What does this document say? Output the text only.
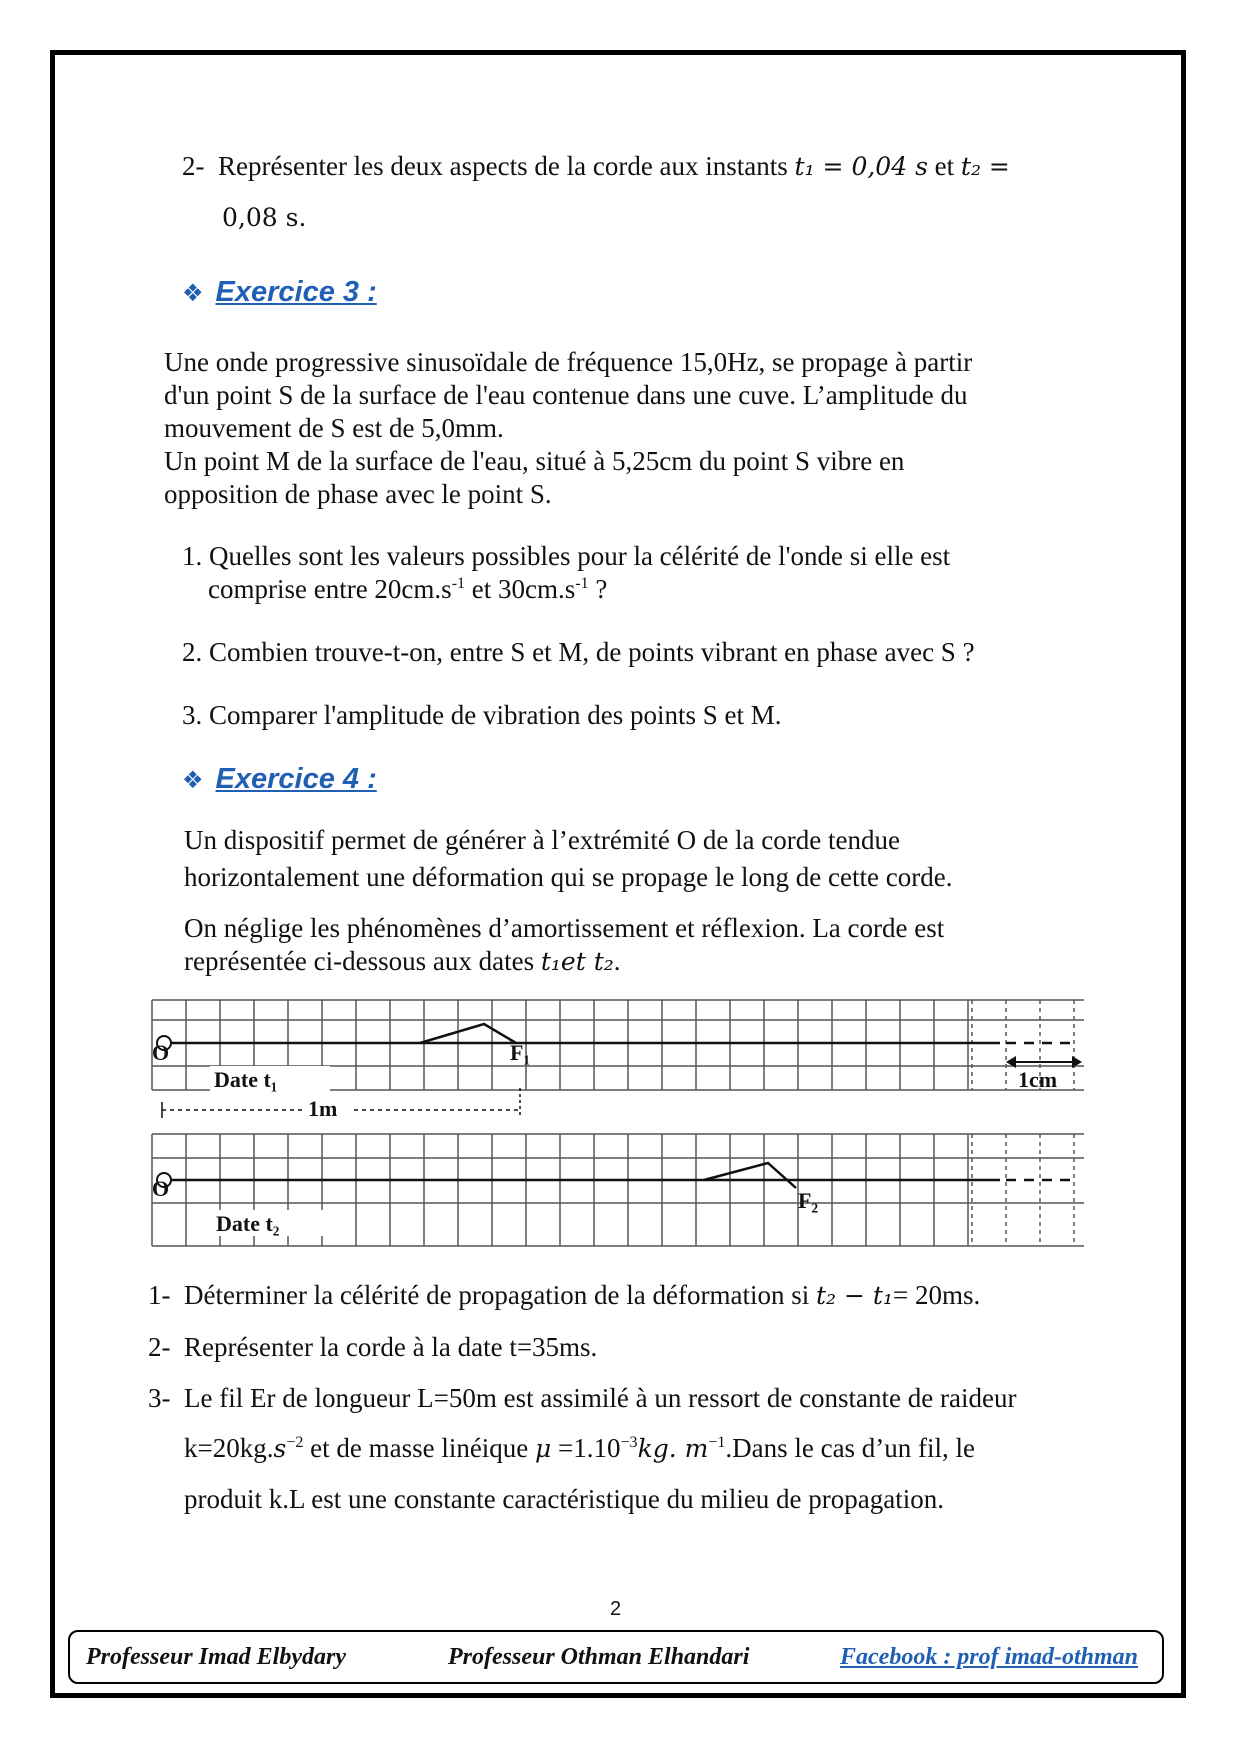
2- Représenter les deux aspects de la corde aux instants t₁ = 0,04 s et t₂ =
0,08 s.
❖ Exercice 3 :
Une onde progressive sinusoïdale de fréquence 15,0Hz, se propage à partir
d'un point S de la surface de l'eau contenue dans une cuve. L’amplitude du
mouvement de S est de 5,0mm.
Un point M de la surface de l'eau, situé à 5,25cm du point S vibre en
opposition de phase avec le point S.
1. Quelles sont les valeurs possibles pour la célérité de l'onde si elle est
comprise entre $20cm.s^{-1}$ et $30cm.s^{-1}$ ?
2. Combien trouve-t-on, entre S et M, de points vibrant en phase avec S ?
3. Comparer l'amplitude de vibration des points S et M.
❖ Exercice 4 :
Un dispositif permet de générer à l’extrémité O de la corde tendue
horizontalement une déformation qui se propage le long de cette corde.
On néglige les phénomènes d’amortissement et réflexion. La corde est
représentée ci-dessous aux dates t₁et t₂.
O	F₁
Date t₁	1cm
1m
O	F₂
Date t₂
1- Déterminer la célérité de propagation de la déformation si t₂ − t₁= 20ms.
2- Représenter la corde à la date t=35ms.
3- Le fil Er de longueur L=50m est assimilé à un ressort de constante de raideur
$k=20kg.s^{-2}$ et de masse linéique $\mu =1.10^{-3}kg$. $m^{-1}.Dans$ le cas d’un fil, le
produit k.L est une constante caractéristique du milieu de propagation.
2
Professeur Imad Elbydary	Professeur Othman Elhandari	Facebook : prof imad-othman
